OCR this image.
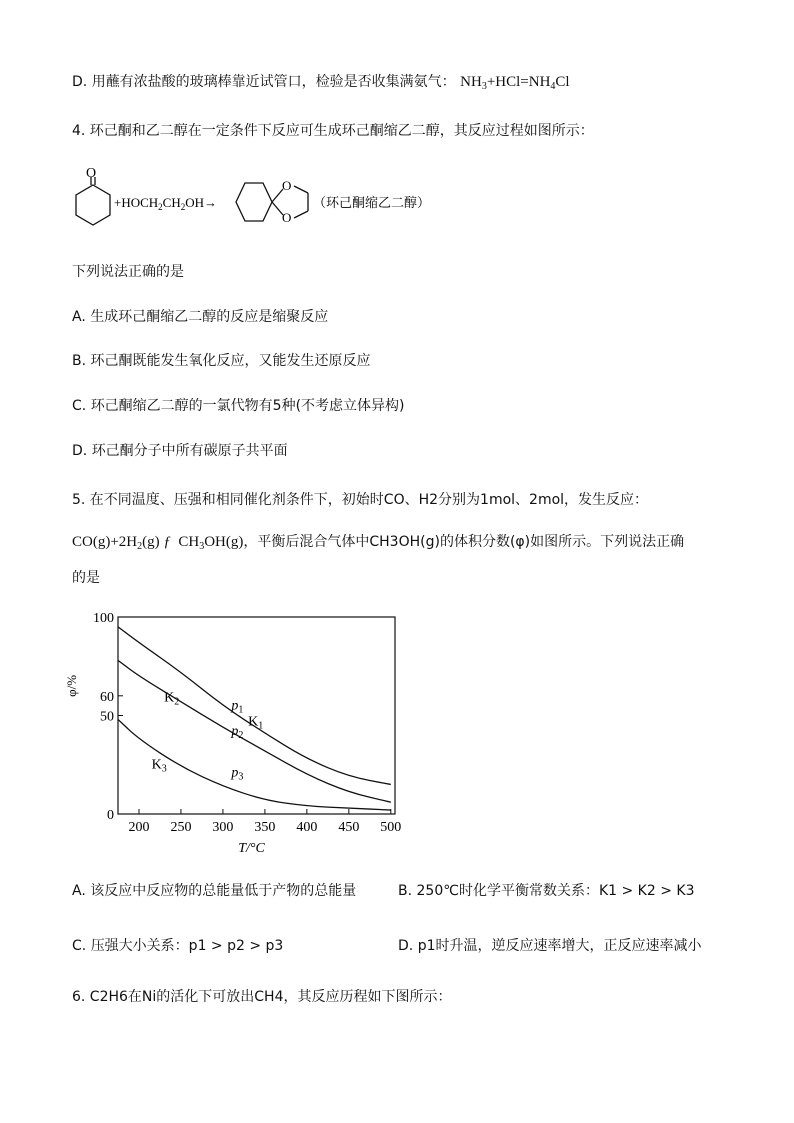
D. 用蘸有浓盐酸的玻璃棒靠近试管口，检验是否收集满氨气： $NH_3+HCl=NH_4Cl$
4. 环己酮和乙二醇在一定条件下反应可生成环己酮缩乙二醇，其反应过程如图所示：
O
$+HOCH_2CH_2OH\to$
O
O
（环己酮缩乙二醇）
下列说法正确的是
A. 生成环己酮缩乙二醇的反应是缩聚反应
B. 环己酮既能发生氧化反应，又能发生还原反应
C. 环己酮缩乙二醇的一氯代物有5种(不考虑立体异构)
D. 环己酮分子中所有碳原子共平面
5. 在不同温度、压强和相同催化剂条件下，初始时CO、H2分别为1mol、2mol，发生反应：
$CO(g)+2H_2(g)$ ƒ  $CH_3OH(g)$，平衡后混合气体中CH3OH(g)的体积分数(φ)如图所示。下列说法正确
的是
200 250 300 350 400 450 500
0
50
60
100
$K_2$
$K_1$
$K_3$
$p_1$
$p_2$
$p_3$
T/°C
φ/%
A. 该反应中反应物的总能量低于产物的总能量	B. 250℃时化学平衡常数关系：K1 > K2 > K3
C. 压强大小关系：p1 > p2 > p3	D. p1时升温，逆反应速率增大，正反应速率减小
6. C2H6在Ni的活化下可放出CH4，其反应历程如下图所示：
